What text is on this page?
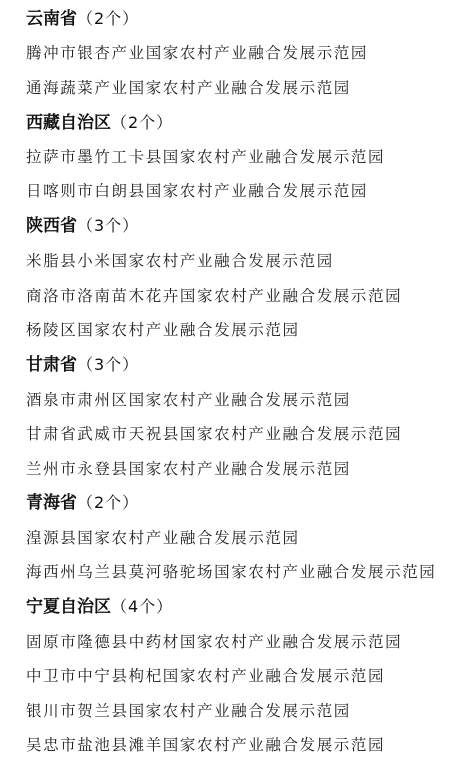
云南省（2个）
腾冲市银杏产业国家农村产业融合发展示范园
通海蔬菜产业国家农村产业融合发展示范园
西藏自治区（2个）
拉萨市墨竹工卡县国家农村产业融合发展示范园
日喀则市白朗县国家农村产业融合发展示范园
陕西省（3个）
米脂县小米国家农村产业融合发展示范园
商洛市洛南苗木花卉国家农村产业融合发展示范园
杨陵区国家农村产业融合发展示范园
甘肃省（3个）
酒泉市肃州区国家农村产业融合发展示范园
甘肃省武威市天祝县国家农村产业融合发展示范园
兰州市永登县国家农村产业融合发展示范园
青海省（2个）
湟源县国家农村产业融合发展示范园
海西州乌兰县莫河骆驼场国家农村产业融合发展示范园
宁夏自治区（4个）
固原市隆德县中药材国家农村产业融合发展示范园
中卫市中宁县枸杞国家农村产业融合发展示范园
银川市贺兰县国家农村产业融合发展示范园
吴忠市盐池县滩羊国家农村产业融合发展示范园
